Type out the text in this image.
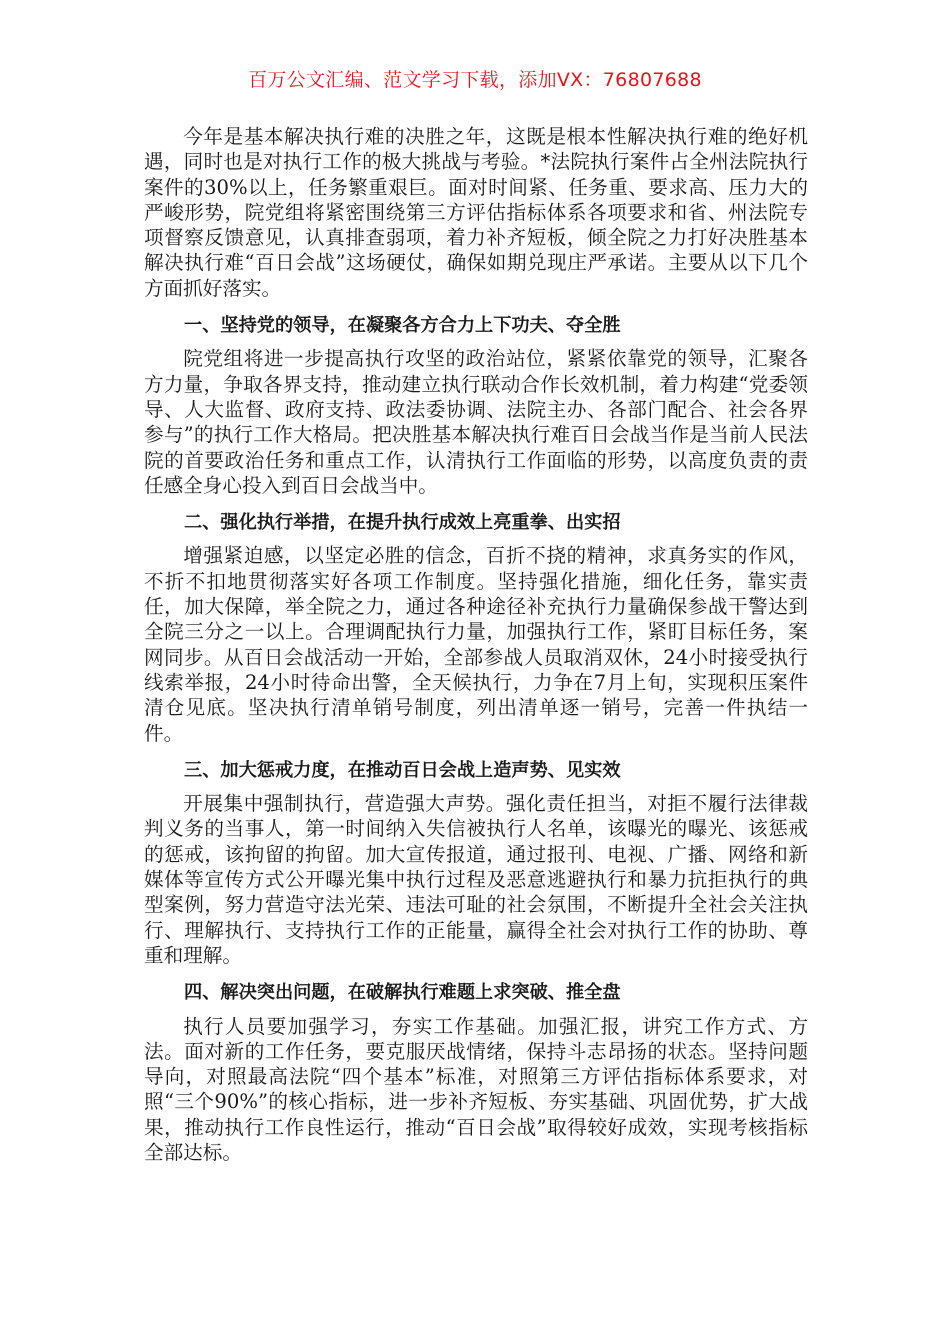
百万公文汇编、范文学习下载，添加VX：76807688

今年是基本解决执行难的决胜之年，这既是根本性解决执行难的绝好机遇，同时也是对执行工作的极大挑战与考验。*法院执行案件占全州法院执行案件的30%以上，任务繁重艰巨。面对时间紧、任务重、要求高、压力大的严峻形势，院党组将紧密围绕第三方评估指标体系各项要求和省、州法院专项督察反馈意见，认真排查弱项，着力补齐短板，倾全院之力打好决胜基本解决执行难“百日会战”这场硬仗，确保如期兑现庄严承诺。主要从以下几个方面抓好落实。

一、坚持党的领导，在凝聚各方合力上下功夫、夺全胜

院党组将进一步提高执行攻坚的政治站位，紧紧依靠党的领导，汇聚各方力量，争取各界支持，推动建立执行联动合作长效机制，着力构建“党委领导、人大监督、政府支持、政法委协调、法院主办、各部门配合、社会各界参与”的执行工作大格局。把决胜基本解决执行难百日会战当作是当前人民法院的首要政治任务和重点工作，认清执行工作面临的形势，以高度负责的责任感全身心投入到百日会战当中。

二、强化执行举措，在提升执行成效上亮重拳、出实招

增强紧迫感，以坚定必胜的信念，百折不挠的精神，求真务实的作风，不折不扣地贯彻落实好各项工作制度。坚持强化措施，细化任务，靠实责任，加大保障，举全院之力，通过各种途径补充执行力量确保参战干警达到全院三分之一以上。合理调配执行力量，加强执行工作，紧盯目标任务，案网同步。从百日会战活动一开始，全部参战人员取消双休，24小时接受执行线索举报，24小时待命出警，全天候执行，力争在7月上旬，实现积压案件清仓见底。坚决执行清单销号制度，列出清单逐一销号，完善一件执结一件。

三、加大惩戒力度，在推动百日会战上造声势、见实效

开展集中强制执行，营造强大声势。强化责任担当，对拒不履行法律裁判义务的当事人，第一时间纳入失信被执行人名单，该曝光的曝光、该惩戒的惩戒，该拘留的拘留。加大宣传报道，通过报刊、电视、广播、网络和新媒体等宣传方式公开曝光集中执行过程及恶意逃避执行和暴力抗拒执行的典型案例，努力营造守法光荣、违法可耻的社会氛围，不断提升全社会关注执行、理解执行、支持执行工作的正能量，赢得全社会对执行工作的协助、尊重和理解。

四、解决突出问题，在破解执行难题上求突破、推全盘

执行人员要加强学习，夯实工作基础。加强汇报，讲究工作方式、方法。面对新的工作任务，要克服厌战情绪，保持斗志昂扬的状态。坚持问题导向，对照最高法院“四个基本”标准，对照第三方评估指标体系要求，对照“三个90%”的核心指标，进一步补齐短板、夯实基础、巩固优势，扩大战果，推动执行工作良性运行，推动“百日会战”取得较好成效，实现考核指标全部达标。
